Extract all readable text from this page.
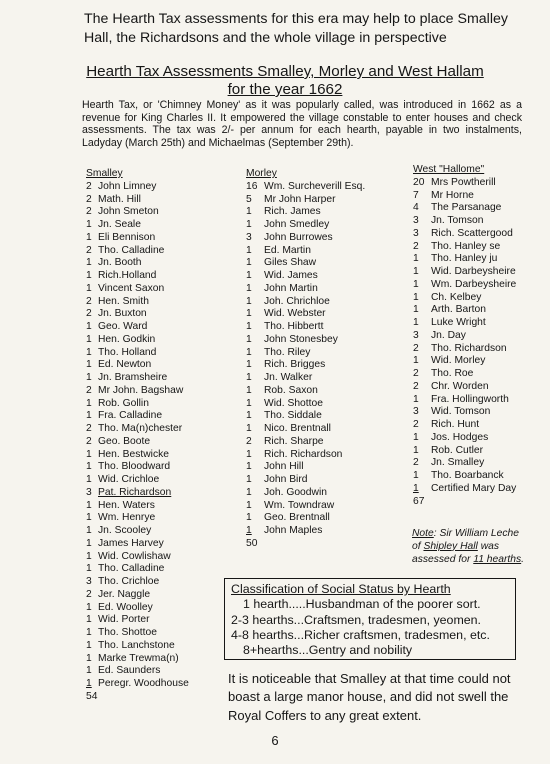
The Hearth Tax assessments for this era may help to place Smalley Hall, the Richardsons and the whole village in perspective
Hearth Tax Assessments Smalley, Morley and West Hallam
for the year 1662
Hearth Tax, or 'Chimney Money' as it was popularly called, was introduced in 1662 as a revenue for King Charles II. It empowered the village constable to enter houses and check assessments. The tax was 2/- per annum for each hearth, payable in two instalments, Ladyday (March 25th) and Michaelmas (September 29th).
Smalley
2 John Limney
2 Math. Hill
2 John Smeton
1 Jn. Seale
1 Eli Bennison
2 Tho. Calladine
1 Jn. Booth
1 Rich.Holland
1 Vincent Saxon
2 Hen. Smith
2 Jn. Buxton
1 Geo. Ward
1 Hen. Godkin
1 Tho. Holland
1 Ed. Newton
1 Jn. Bramsheire
2 Mr John. Bagshaw
1 Rob. Gollin
1 Fra. Calladine
2 Tho. Ma(n)chester
2 Geo. Boote
1 Hen. Bestwicke
1 Tho. Bloodward
1 Wid. Crichloe
3 Pat. Richardson
1 Hen. Waters
1 Wm. Henrye
1 Jn. Scooley
1 James Harvey
1 Wid. Cowlishaw
1 Tho. Calladine
3 Tho. Crichloe
2 Jer. Naggle
1 Ed. Woolley
1 Wid. Porter
1 Tho. Shottoe
1 Tho. Lanchstone
1 Marke Trewma(n)
1 Ed. Saunders
1 Peregr. Woodhouse
54
Morley
16 Wm. Surcheverill Esq.
5 Mr John Harper
1 Rich. James
1 John Smedley
3 John Burrowes
1 Ed. Martin
1 Giles Shaw
1 Wid. James
1 John Martin
1 Joh. Chrichloe
1 Wid. Webster
1 Tho. Hibbertt
1 John Stonesbey
1 Tho. Riley
1 Rich. Brigges
1 Jn. Walker
1 Rob. Saxon
1 Wid. Shottoe
1 Tho. Siddale
1 Nico. Brentnall
2 Rich. Sharpe
1 Rich. Richardson
1 John Hill
1 John Bird
1 Joh. Goodwin
1 Wm. Towndraw
1 Geo. Brentnall
1 John Maples
50
West "Hallome"
20 Mrs Powtherill
7 Mr Horne
4 The Parsanage
3 Jn. Tomson
3 Rich. Scattergood
2 Tho. Hanley se
1 Tho. Hanley ju
1 Wid. Darbeysheire
1 Wm. Darbeysheire
1 Ch. Kelbey
1 Arth. Barton
1 Luke Wright
3 Jn. Day
2 Tho. Richardson
1 Wid. Morley
2 Tho. Roe
2 Chr. Worden
1 Fra. Hollingworth
3 Wid. Tomson
2 Rich. Hunt
1 Jos. Hodges
1 Rob. Cutler
2 Jn. Smalley
1 Tho. Boarbanck
1 Certified Mary Day
67
Note: Sir William Leche of Shipley Hall was assessed for 11 hearths.
Classification of Social Status by Hearth
1 hearth.....Husbandman of the poorer sort.
2-3 hearths...Craftsmen, tradesmen, yeomen.
4-8 hearths...Richer craftsmen, tradesmen, etc.
8+hearths...Gentry and nobility
It is noticeable that Smalley at that time could not boast a large manor house, and did not swell the Royal Coffers to any great extent.
6
